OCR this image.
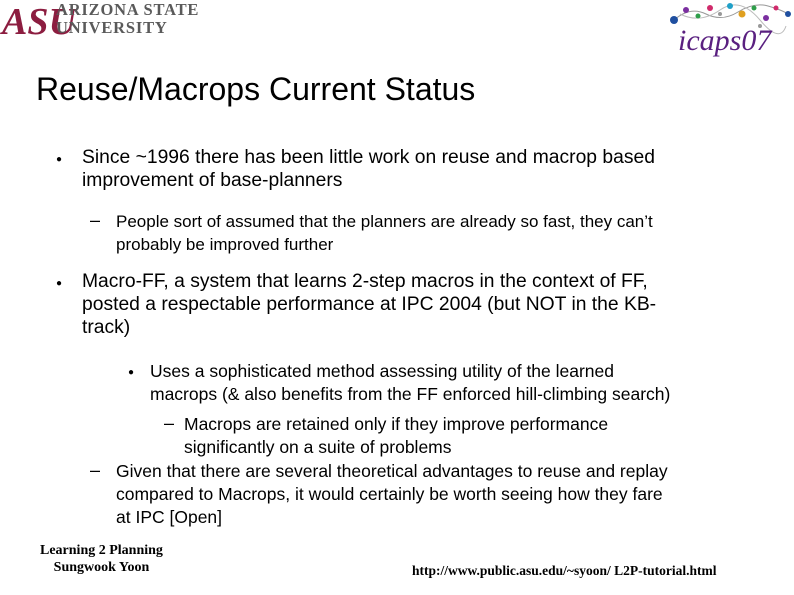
ASU
ARIZONA STATE
UNIVERSITY	icaps07
Reuse/Macrops Current Status
● Since ~1996 there has been little work on reuse and macrop based
improvement of base-planners
– People sort of assumed that the planners are already so fast, they can’t
probably be improved further
● Macro-FF, a system that learns 2-step macros in the context of FF,
posted a respectable performance at IPC 2004 (but NOT in the KB-
track)
● Uses a sophisticated method assessing utility of the learned
macrops (& also benefits from the FF enforced hill-climbing search)
– Macrops are retained only if they improve performance
significantly on a suite of problems
– Given that there are several theoretical advantages to reuse and replay
compared to Macrops, it would certainly be worth seeing how they fare
at IPC [Open]
Learning 2 Planning
Sungwook Yoon	http://www.public.asu.edu/~syoon/ L2P-tutorial.html
